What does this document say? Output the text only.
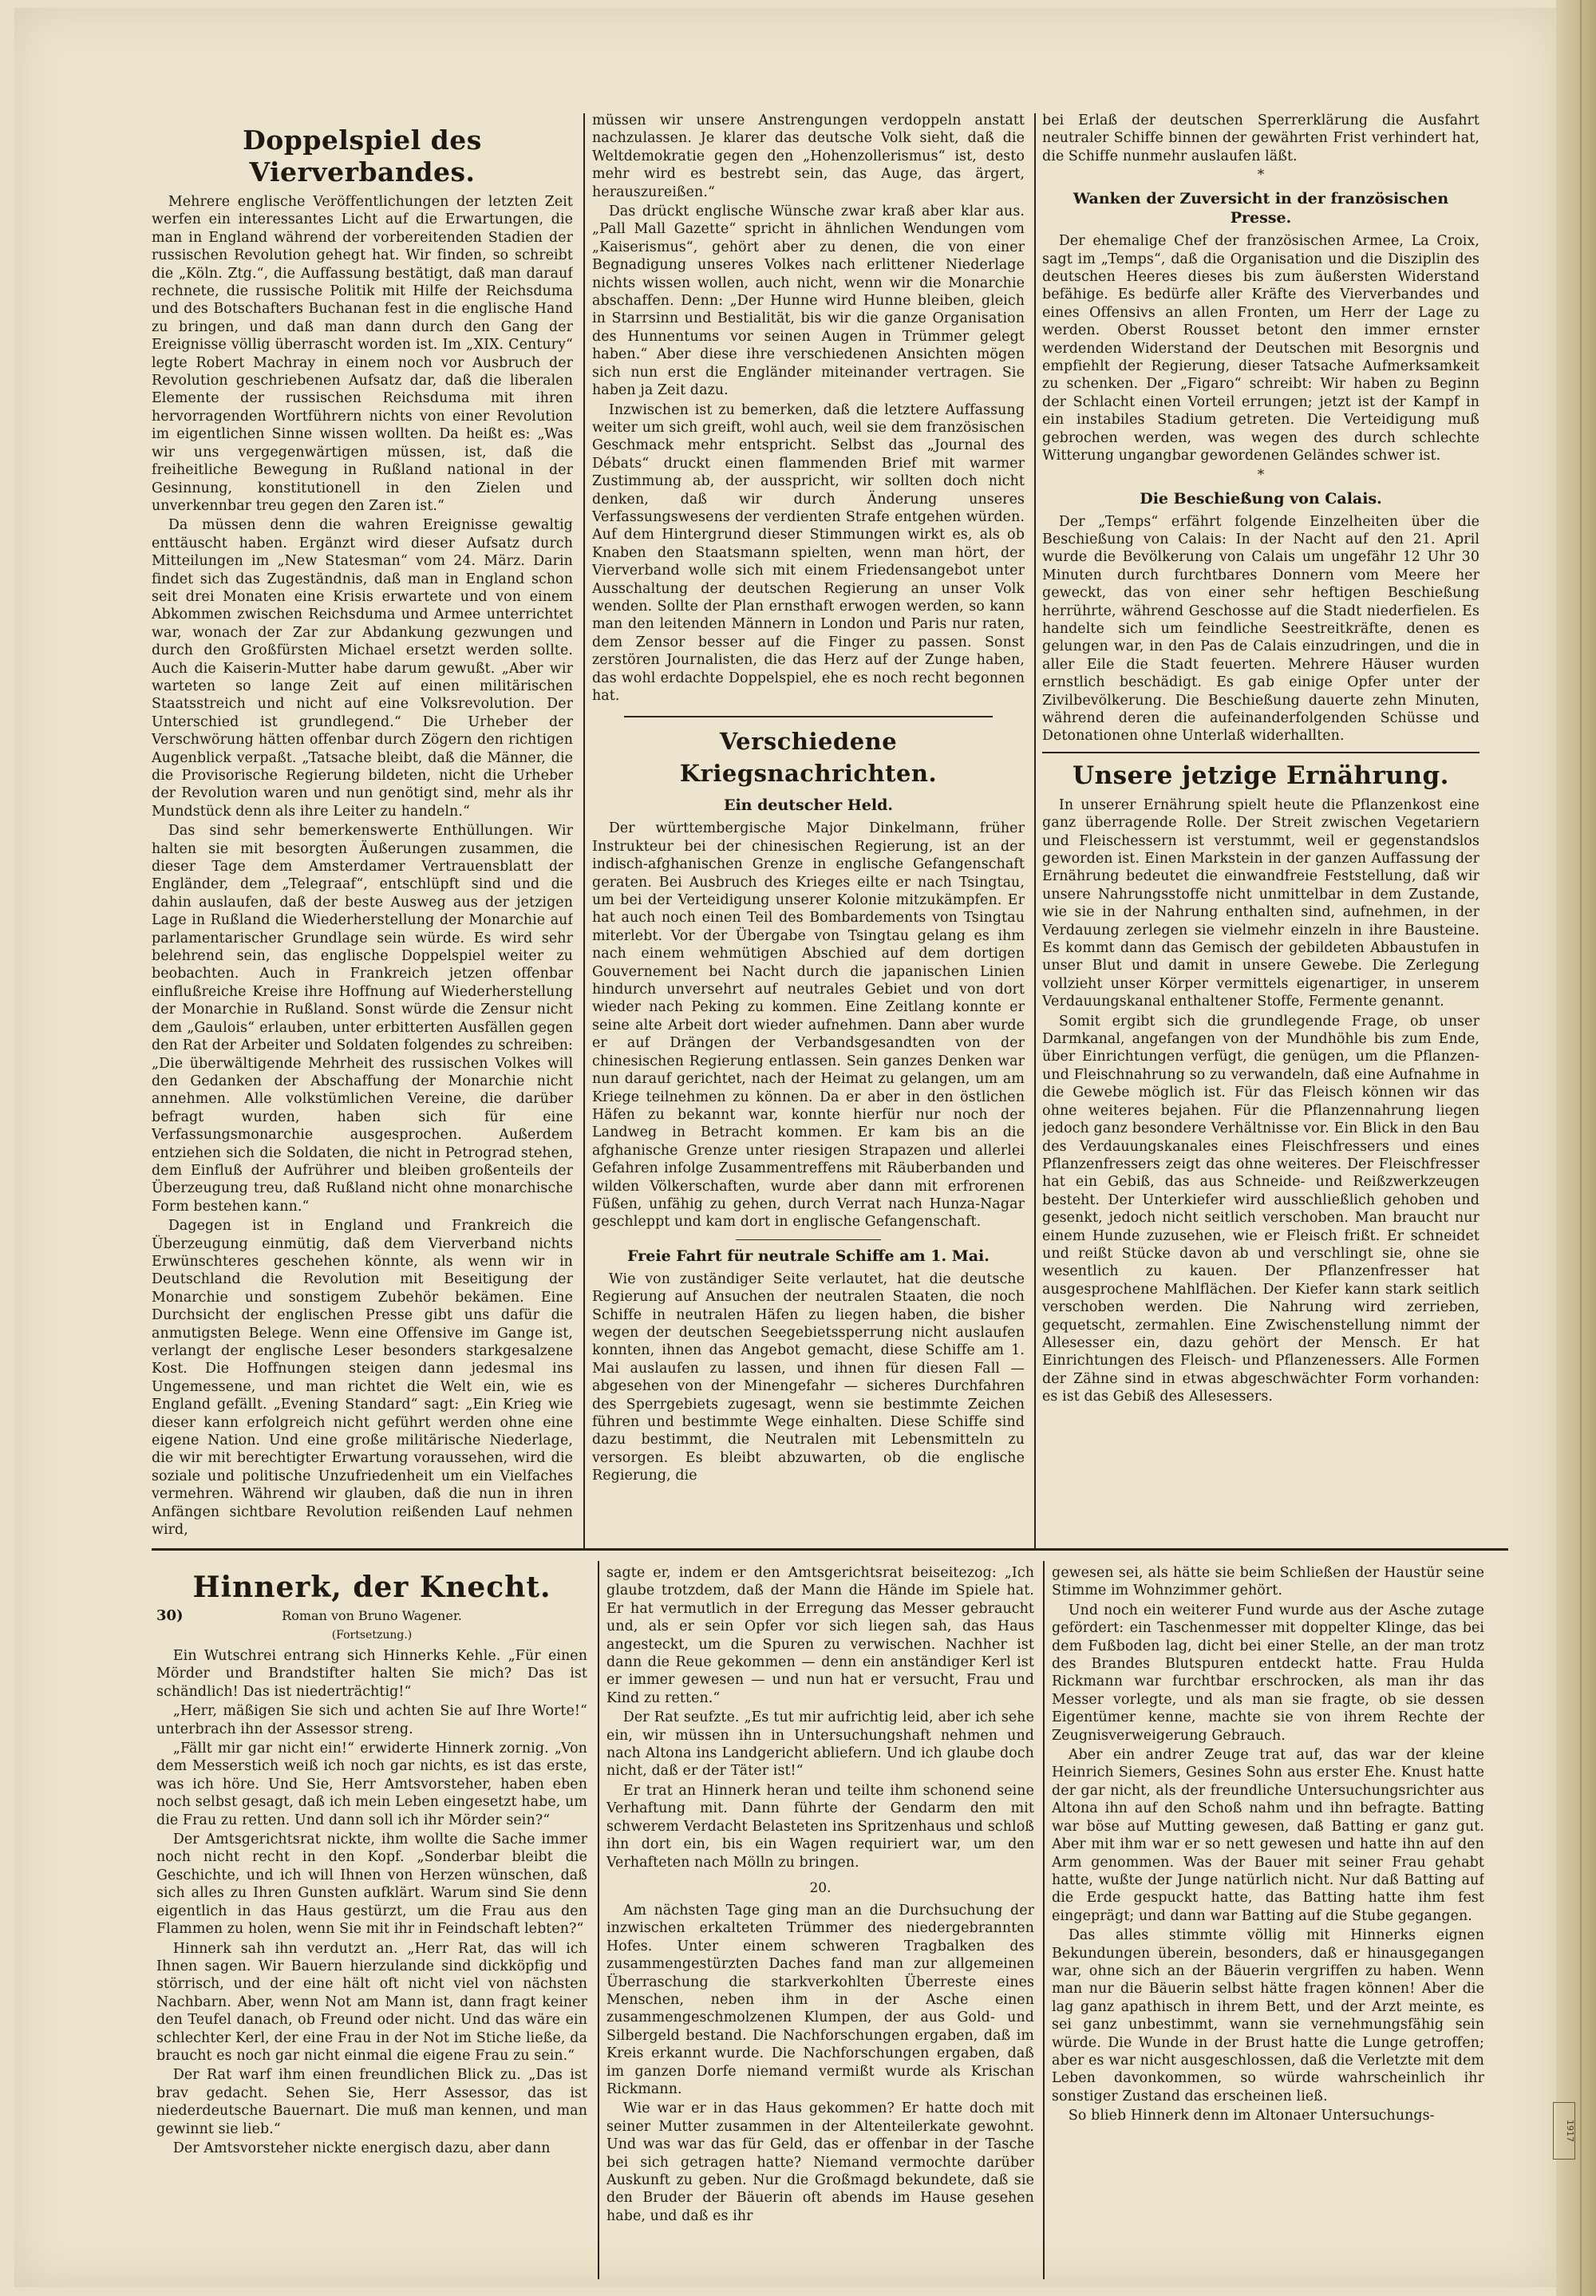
Doppelspiel des Vierverbandes.

Mehrere englische Veröffentlichungen der letzten Zeit werfen ein interessantes Licht auf die Erwartungen, die man in England während der vorbereitenden Stadien der russischen Revolution gehegt hat. Wir finden, so schreibt die „Köln. Ztg.“, die Auffassung bestätigt, daß man darauf rechnete, die russische Politik mit Hilfe der Reichsduma und des Botschafters Buchanan fest in die englische Hand zu bringen, und daß man dann durch den Gang der Ereignisse völlig überrascht worden ist. Im „XIX. Century“ legte Robert Machray in einem noch vor Ausbruch der Revolution geschriebenen Aufsatz dar, daß die liberalen Elemente der russischen Reichsduma mit ihren hervorragenden Wortführern nichts von einer Revolution im eigentlichen Sinne wissen wollten. Da heißt es: „Was wir uns vergegenwärtigen müssen, ist, daß die freiheitliche Bewegung in Rußland national in der Gesinnung, konstitutionell in den Zielen und unverkennbar treu gegen den Zaren ist.“

Da müssen denn die wahren Ereignisse gewaltig enttäuscht haben. Ergänzt wird dieser Aufsatz durch Mitteilungen im „New Statesman“ vom 24. März. Darin findet sich das Zugeständnis, daß man in England schon seit drei Monaten eine Krisis erwartete und von einem Abkommen zwischen Reichsduma und Armee unterrichtet war, wonach der Zar zur Abdankung gezwungen und durch den Großfürsten Michael ersetzt werden sollte. Auch die Kaiserin-Mutter habe darum gewußt. „Aber wir warteten so lange Zeit auf einen militärischen Staatsstreich und nicht auf eine Volksrevolution. Der Unterschied ist grundlegend.“ Die Urheber der Verschwörung hätten offenbar durch Zögern den richtigen Augenblick verpaßt. „Tatsache bleibt, daß die Männer, die die Provisorische Regierung bildeten, nicht die Urheber der Revolution waren und nun genötigt sind, mehr als ihr Mundstück denn als ihre Leiter zu handeln.“

Das sind sehr bemerkenswerte Enthüllungen. Wir halten sie mit besorgten Äußerungen zusammen, die dieser Tage dem Amsterdamer Vertrauensblatt der Engländer, dem „Telegraaf“, entschlüpft sind und die dahin auslaufen, daß der beste Ausweg aus der jetzigen Lage in Rußland die Wiederherstellung der Monarchie auf parlamentarischer Grundlage sein würde. Es wird sehr belehrend sein, das englische Doppelspiel weiter zu beobachten. Auch in Frankreich jetzen offenbar einflußreiche Kreise ihre Hoffnung auf Wiederherstellung der Monarchie in Rußland. Sonst würde die Zensur nicht dem „Gaulois“ erlauben, unter erbitterten Ausfällen gegen den Rat der Arbeiter und Soldaten folgendes zu schreiben: „Die überwältigende Mehrheit des russischen Volkes will den Gedanken der Abschaffung der Monarchie nicht annehmen. Alle volkstümlichen Vereine, die darüber befragt wurden, haben sich für eine Verfassungsmonarchie ausgesprochen. Außerdem entziehen sich die Soldaten, die nicht in Petrograd stehen, dem Einfluß der Aufrührer und bleiben großenteils der Überzeugung treu, daß Rußland nicht ohne monarchische Form bestehen kann.“

Dagegen ist in England und Frankreich die Überzeugung einmütig, daß dem Vierverband nichts Erwünschteres geschehen könnte, als wenn wir in Deutschland die Revolution mit Beseitigung der Monarchie und sonstigem Zubehör bekämen. Eine Durchsicht der englischen Presse gibt uns dafür die anmutigsten Belege. Wenn eine Offensive im Gange ist, verlangt der englische Leser besonders starkgesalzene Kost. Die Hoffnungen steigen dann jedesmal ins Ungemessene, und man richtet die Welt ein, wie es England gefällt. „Evening Standard“ sagt: „Ein Krieg wie dieser kann erfolgreich nicht geführt werden ohne eine eigene Nation. Und eine große militärische Niederlage, die wir mit berechtigter Erwartung voraussehen, wird die soziale und politische Unzufriedenheit um ein Vielfaches vermehren. Während wir glauben, daß die nun in ihren Anfängen sichtbare Revolution reißenden Lauf nehmen wird,

müssen wir unsere Anstrengungen verdoppeln anstatt nachzulassen. Je klarer das deutsche Volk sieht, daß die Weltdemokratie gegen den „Hohenzollerismus“ ist, desto mehr wird es bestrebt sein, das Auge, das ärgert, herauszureißen.“

Das drückt englische Wünsche zwar kraß aber klar aus. „Pall Mall Gazette“ spricht in ähnlichen Wendungen vom „Kaiserismus“, gehört aber zu denen, die von einer Begnadigung unseres Volkes nach erlittener Niederlage nichts wissen wollen, auch nicht, wenn wir die Monarchie abschaffen. Denn: „Der Hunne wird Hunne bleiben, gleich in Starrsinn und Bestialität, bis wir die ganze Organisation des Hunnentums vor seinen Augen in Trümmer gelegt haben.“ Aber diese ihre verschiedenen Ansichten mögen sich nun erst die Engländer miteinander vertragen. Sie haben ja Zeit dazu.

Inzwischen ist zu bemerken, daß die letztere Auffassung weiter um sich greift, wohl auch, weil sie dem französischen Geschmack mehr entspricht. Selbst das „Journal des Débats“ druckt einen flammenden Brief mit warmer Zustimmung ab, der ausspricht, wir sollten doch nicht denken, daß wir durch Änderung unseres Verfassungswesens der verdienten Strafe entgehen würden. Auf dem Hintergrund dieser Stimmungen wirkt es, als ob Knaben den Staatsmann spielten, wenn man hört, der Vierverband wolle sich mit einem Friedensangebot unter Ausschaltung der deutschen Regierung an unser Volk wenden. Sollte der Plan ernsthaft erwogen werden, so kann man den leitenden Männern in London und Paris nur raten, dem Zensor besser auf die Finger zu passen. Sonst zerstören Journalisten, die das Herz auf der Zunge haben, das wohl erdachte Doppelspiel, ehe es noch recht begonnen hat.

Verschiedene Kriegsnachrichten.
Ein deutscher Held.

Der württembergische Major Dinkelmann, früher Instrukteur bei der chinesischen Regierung, ist an der indisch-afghanischen Grenze in englische Gefangenschaft geraten. Bei Ausbruch des Krieges eilte er nach Tsingtau, um bei der Verteidigung unserer Kolonie mitzukämpfen. Er hat auch noch einen Teil des Bombardements von Tsingtau miterlebt. Vor der Übergabe von Tsingtau gelang es ihm nach einem wehmütigen Abschied auf dem dortigen Gouvernement bei Nacht durch die japanischen Linien hindurch unversehrt auf neutrales Gebiet und von dort wieder nach Peking zu kommen. Eine Zeitlang konnte er seine alte Arbeit dort wieder aufnehmen. Dann aber wurde er auf Drängen der Verbandsgesandten von der chinesischen Regierung entlassen. Sein ganzes Denken war nun darauf gerichtet, nach der Heimat zu gelangen, um am Kriege teilnehmen zu können. Da er aber in den östlichen Häfen zu bekannt war, konnte hierfür nur noch der Landweg in Betracht kommen. Er kam bis an die afghanische Grenze unter riesigen Strapazen und allerlei Gefahren infolge Zusammentreffens mit Räuberbanden und wilden Völkerschaften, wurde aber dann mit erfrorenen Füßen, unfähig zu gehen, durch Verrat nach Hunza-Nagar geschleppt und kam dort in englische Gefangenschaft.

Freie Fahrt für neutrale Schiffe am 1. Mai.

Wie von zuständiger Seite verlautet, hat die deutsche Regierung auf Ansuchen der neutralen Staaten, die noch Schiffe in neutralen Häfen zu liegen haben, die bisher wegen der deutschen Seegebietssperrung nicht auslaufen konnten, ihnen das Angebot gemacht, diese Schiffe am 1. Mai auslaufen zu lassen, und ihnen für diesen Fall — abgesehen von der Minengefahr — sicheres Durchfahren des Sperrgebiets zugesagt, wenn sie bestimmte Zeichen führen und bestimmte Wege einhalten. Diese Schiffe sind dazu bestimmt, die Neutralen mit Lebensmitteln zu versorgen. Es bleibt abzuwarten, ob die englische Regierung, die

bei Erlaß der deutschen Sperrerklärung die Ausfahrt neutraler Schiffe binnen der gewährten Frist verhindert hat, die Schiffe nunmehr auslaufen läßt.

*
Wanken der Zuversicht in der französischen Presse.

Der ehemalige Chef der französischen Armee, La Croix, sagt im „Temps“, daß die Organisation und die Disziplin des deutschen Heeres dieses bis zum äußersten Widerstand befähige. Es bedürfe aller Kräfte des Vierverbandes und eines Offensivs an allen Fronten, um Herr der Lage zu werden. Oberst Rousset betont den immer ernster werdenden Widerstand der Deutschen mit Besorgnis und empfiehlt der Regierung, dieser Tatsache Aufmerksamkeit zu schenken. Der „Figaro“ schreibt: Wir haben zu Beginn der Schlacht einen Vorteil errungen; jetzt ist der Kampf in ein instabiles Stadium getreten. Die Verteidigung muß gebrochen werden, was wegen des durch schlechte Witterung ungangbar gewordenen Geländes schwer ist.

*
Die Beschießung von Calais.

Der „Temps“ erfährt folgende Einzelheiten über die Beschießung von Calais: In der Nacht auf den 21. April wurde die Bevölkerung von Calais um ungefähr 12 Uhr 30 Minuten durch furchtbares Donnern vom Meere her geweckt, das von einer sehr heftigen Beschießung herrührte, während Geschosse auf die Stadt niederfielen. Es handelte sich um feindliche Seestreitkräfte, denen es gelungen war, in den Pas de Calais einzudringen, und die in aller Eile die Stadt feuerten. Mehrere Häuser wurden ernstlich beschädigt. Es gab einige Opfer unter der Zivilbevölkerung. Die Beschießung dauerte zehn Minuten, während deren die aufeinanderfolgenden Schüsse und Detonationen ohne Unterlaß widerhallten.

Unsere jetzige Ernährung.

In unserer Ernährung spielt heute die Pflanzenkost eine ganz überragende Rolle. Der Streit zwischen Vegetariern und Fleischessern ist verstummt, weil er gegenstandslos geworden ist. Einen Markstein in der ganzen Auffassung der Ernährung bedeutet die einwandfreie Feststellung, daß wir unsere Nahrungsstoffe nicht unmittelbar in dem Zustande, wie sie in der Nahrung enthalten sind, aufnehmen, in der Verdauung zerlegen sie vielmehr einzeln in ihre Bausteine. Es kommt dann das Gemisch der gebildeten Abbaustufen in unser Blut und damit in unsere Gewebe. Die Zerlegung vollzieht unser Körper vermittels eigenartiger, in unserem Verdauungskanal enthaltener Stoffe, Fermente genannt.

Somit ergibt sich die grundlegende Frage, ob unser Darmkanal, angefangen von der Mundhöhle bis zum Ende, über Einrichtungen verfügt, die genügen, um die Pflanzen- und Fleischnahrung so zu verwandeln, daß eine Aufnahme in die Gewebe möglich ist. Für das Fleisch können wir das ohne weiteres bejahen. Für die Pflanzennahrung liegen jedoch ganz besondere Verhältnisse vor. Ein Blick in den Bau des Verdauungskanales eines Fleischfressers und eines Pflanzenfressers zeigt das ohne weiteres. Der Fleischfresser hat ein Gebiß, das aus Schneide- und Reißzwerkzeugen besteht. Der Unterkiefer wird ausschließlich gehoben und gesenkt, jedoch nicht seitlich verschoben. Man braucht nur einem Hunde zuzusehen, wie er Fleisch frißt. Er schneidet und reißt Stücke davon ab und verschlingt sie, ohne sie wesentlich zu kauen. Der Pflanzenfresser hat ausgesprochene Mahlflächen. Der Kiefer kann stark seitlich verschoben werden. Die Nahrung wird zerrieben, gequetscht, zermahlen. Eine Zwischenstellung nimmt der Allesesser ein, dazu gehört der Mensch. Er hat Einrichtungen des Fleisch- und Pflanzenessers. Alle Formen der Zähne sind in etwas abgeschwächter Form vorhanden: es ist das Gebiß des Allesessers.

Hinnerk, der Knecht.
30)	Roman von Bruno Wagener.

(Fortsetzung.)

Ein Wutschrei entrang sich Hinnerks Kehle. „Für einen Mörder und Brandstifter halten Sie mich? Das ist schändlich! Das ist niederträchtig!“

„Herr, mäßigen Sie sich und achten Sie auf Ihre Worte!“ unterbrach ihn der Assessor streng.

„Fällt mir gar nicht ein!“ erwiderte Hinnerk zornig. „Von dem Messerstich weiß ich noch gar nichts, es ist das erste, was ich höre. Und Sie, Herr Amtsvorsteher, haben eben noch selbst gesagt, daß ich mein Leben eingesetzt habe, um die Frau zu retten. Und dann soll ich ihr Mörder sein?“

Der Amtsgerichtsrat nickte, ihm wollte die Sache immer noch nicht recht in den Kopf. „Sonderbar bleibt die Geschichte, und ich will Ihnen von Herzen wünschen, daß sich alles zu Ihren Gunsten aufklärt. Warum sind Sie denn eigentlich in das Haus gestürzt, um die Frau aus den Flammen zu holen, wenn Sie mit ihr in Feindschaft lebten?“

Hinnerk sah ihn verdutzt an. „Herr Rat, das will ich Ihnen sagen. Wir Bauern hierzulande sind dickköpfig und störrisch, und der eine hält oft nicht viel von nächsten Nachbarn. Aber, wenn Not am Mann ist, dann fragt keiner den Teufel danach, ob Freund oder nicht. Und das wäre ein schlechter Kerl, der eine Frau in der Not im Stiche ließe, da braucht es noch gar nicht einmal die eigene Frau zu sein.“

Der Rat warf ihm einen freundlichen Blick zu. „Das ist brav gedacht. Sehen Sie, Herr Assessor, das ist niederdeutsche Bauernart. Die muß man kennen, und man gewinnt sie lieb.“

Der Amtsvorsteher nickte energisch dazu, aber dann

sagte er, indem er den Amtsgerichtsrat beiseitezog: „Ich glaube trotzdem, daß der Mann die Hände im Spiele hat. Er hat vermutlich in der Erregung das Messer gebraucht und, als er sein Opfer vor sich liegen sah, das Haus angesteckt, um die Spuren zu verwischen. Nachher ist dann die Reue gekommen — denn ein anständiger Kerl ist er immer gewesen — und nun hat er versucht, Frau und Kind zu retten.“

Der Rat seufzte. „Es tut mir aufrichtig leid, aber ich sehe ein, wir müssen ihn in Untersuchungshaft nehmen und nach Altona ins Landgericht abliefern. Und ich glaube doch nicht, daß er der Täter ist!“

Er trat an Hinnerk heran und teilte ihm schonend seine Verhaftung mit. Dann führte der Gendarm den mit schwerem Verdacht Belasteten ins Spritzenhaus und schloß ihn dort ein, bis ein Wagen requiriert war, um den Verhafteten nach Mölln zu bringen.

20.

Am nächsten Tage ging man an die Durchsuchung der inzwischen erkalteten Trümmer des niedergebrannten Hofes. Unter einem schweren Tragbalken des zusammengestürzten Daches fand man zur allgemeinen Überraschung die starkverkohlten Überreste eines Menschen, neben ihm in der Asche einen zusammengeschmolzenen Klumpen, der aus Gold- und Silbergeld bestand. Die Nachforschungen ergaben, daß im Kreis erkannt wurde. Die Nachforschungen ergaben, daß im ganzen Dorfe niemand vermißt wurde als Krischan Rickmann.

Wie war er in das Haus gekommen? Er hatte doch mit seiner Mutter zusammen in der Altenteilerkate gewohnt. Und was war das für Geld, das er offenbar in der Tasche bei sich getragen hatte? Niemand vermochte darüber Auskunft zu geben. Nur die Großmagd bekundete, daß sie den Bruder der Bäuerin oft abends im Hause gesehen habe, und daß es ihr

gewesen sei, als hätte sie beim Schließen der Haustür seine Stimme im Wohnzimmer gehört.

Und noch ein weiterer Fund wurde aus der Asche zutage gefördert: ein Taschenmesser mit doppelter Klinge, das bei dem Fußboden lag, dicht bei einer Stelle, an der man trotz des Brandes Blutspuren entdeckt hatte. Frau Hulda Rickmann war furchtbar erschrocken, als man ihr das Messer vorlegte, und als man sie fragte, ob sie dessen Eigentümer kenne, machte sie von ihrem Rechte der Zeugnisverweigerung Gebrauch.

Aber ein andrer Zeuge trat auf, das war der kleine Heinrich Siemers, Gesines Sohn aus erster Ehe. Knust hatte der gar nicht, als der freundliche Untersuchungsrichter aus Altona ihn auf den Schoß nahm und ihn befragte. Batting war böse auf Mutting gewesen, daß Batting er ganz gut. Aber mit ihm war er so nett gewesen und hatte ihn auf den Arm genommen. Was der Bauer mit seiner Frau gehabt hatte, wußte der Junge natürlich nicht. Nur daß Batting auf die Erde gespuckt hatte, das Batting hatte ihm fest eingeprägt; und dann war Batting auf die Stube gegangen.

Das alles stimmte völlig mit Hinnerks eignen Bekundungen überein, besonders, daß er hinausgegangen war, ohne sich an der Bäuerin vergriffen zu haben. Wenn man nur die Bäuerin selbst hätte fragen können! Aber die lag ganz apathisch in ihrem Bett, und der Arzt meinte, es sei ganz unbestimmt, wann sie vernehmungsfähig sein würde. Die Wunde in der Brust hatte die Lunge getroffen; aber es war nicht ausgeschlossen, daß die Verletzte mit dem Leben davonkommen, so würde wahrscheinlich ihr sonstiger Zustand das erscheinen ließ.

So blieb Hinnerk denn im Altonaer Untersuchungs-

1917
